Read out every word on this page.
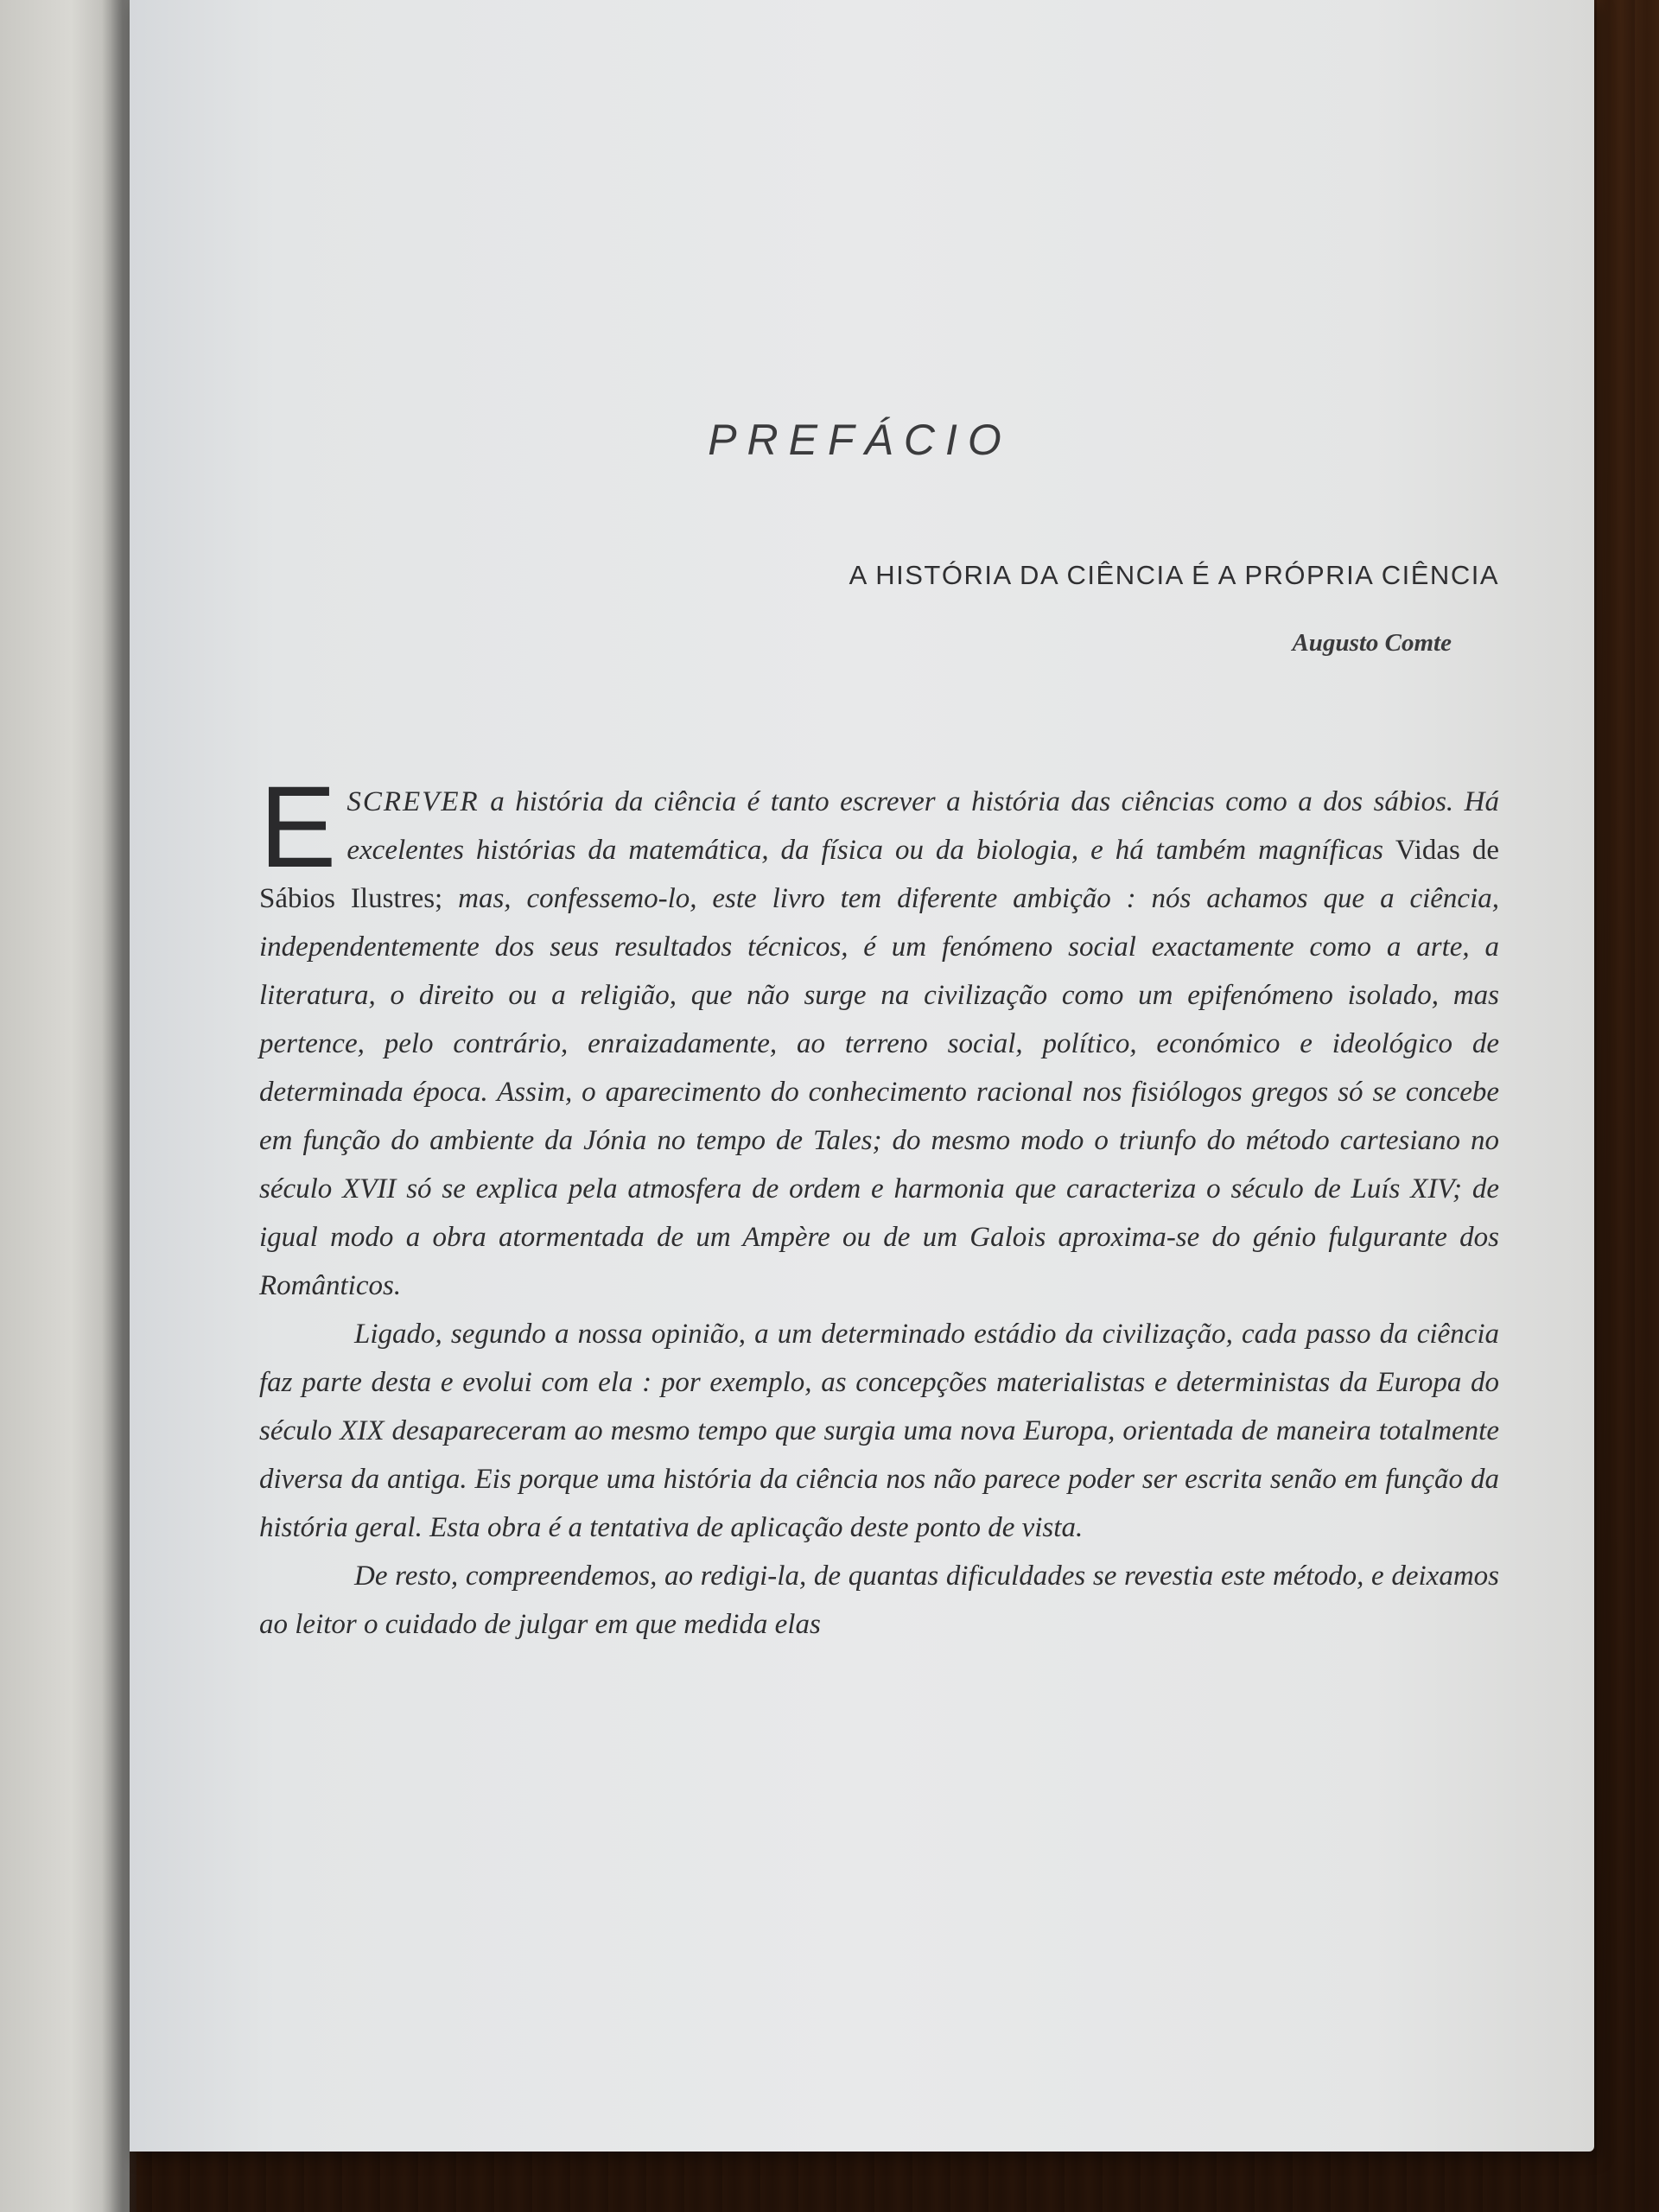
PREFÁCIO
A HISTÓRIA DA CIÊNCIA É A PRÓPRIA CIÊNCIA
Augusto Comte

ESCREVER a história da ciência é tanto escrever a história das ciências como a dos sábios. Há excelentes histórias da matemática, da física ou da biologia, e há também magníficas Vidas de Sábios Ilustres; mas, confessemo-lo, este livro tem diferente ambição : nós achamos que a ciência, independentemente dos seus resultados técnicos, é um fenómeno social exactamente como a arte, a literatura, o direito ou a religião, que não surge na civilização como um epifenómeno isolado, mas pertence, pelo contrário, enraizadamente, ao terreno social, político, económico e ideológico de determinada época. Assim, o aparecimento do conhecimento racional nos fisiólogos gregos só se concebe em função do ambiente da Jónia no tempo de Tales; do mesmo modo o triunfo do método cartesiano no século XVII só se explica pela atmosfera de ordem e harmonia que caracteriza o século de Luís XIV; de igual modo a obra atormentada de um Ampère ou de um Galois aproxima-se do génio fulgurante dos Românticos.

Ligado, segundo a nossa opinião, a um determinado estádio da civilização, cada passo da ciência faz parte desta e evolui com ela : por exemplo, as concepções materialistas e deterministas da Europa do século XIX desapareceram ao mesmo tempo que surgia uma nova Europa, orientada de maneira totalmente diversa da antiga. Eis porque uma história da ciência nos não parece poder ser escrita senão em função da história geral. Esta obra é a tentativa de aplicação deste ponto de vista.

De resto, compreendemos, ao redigi-la, de quantas dificuldades se revestia este método, e deixamos ao leitor o cuidado de julgar em que medida elas
